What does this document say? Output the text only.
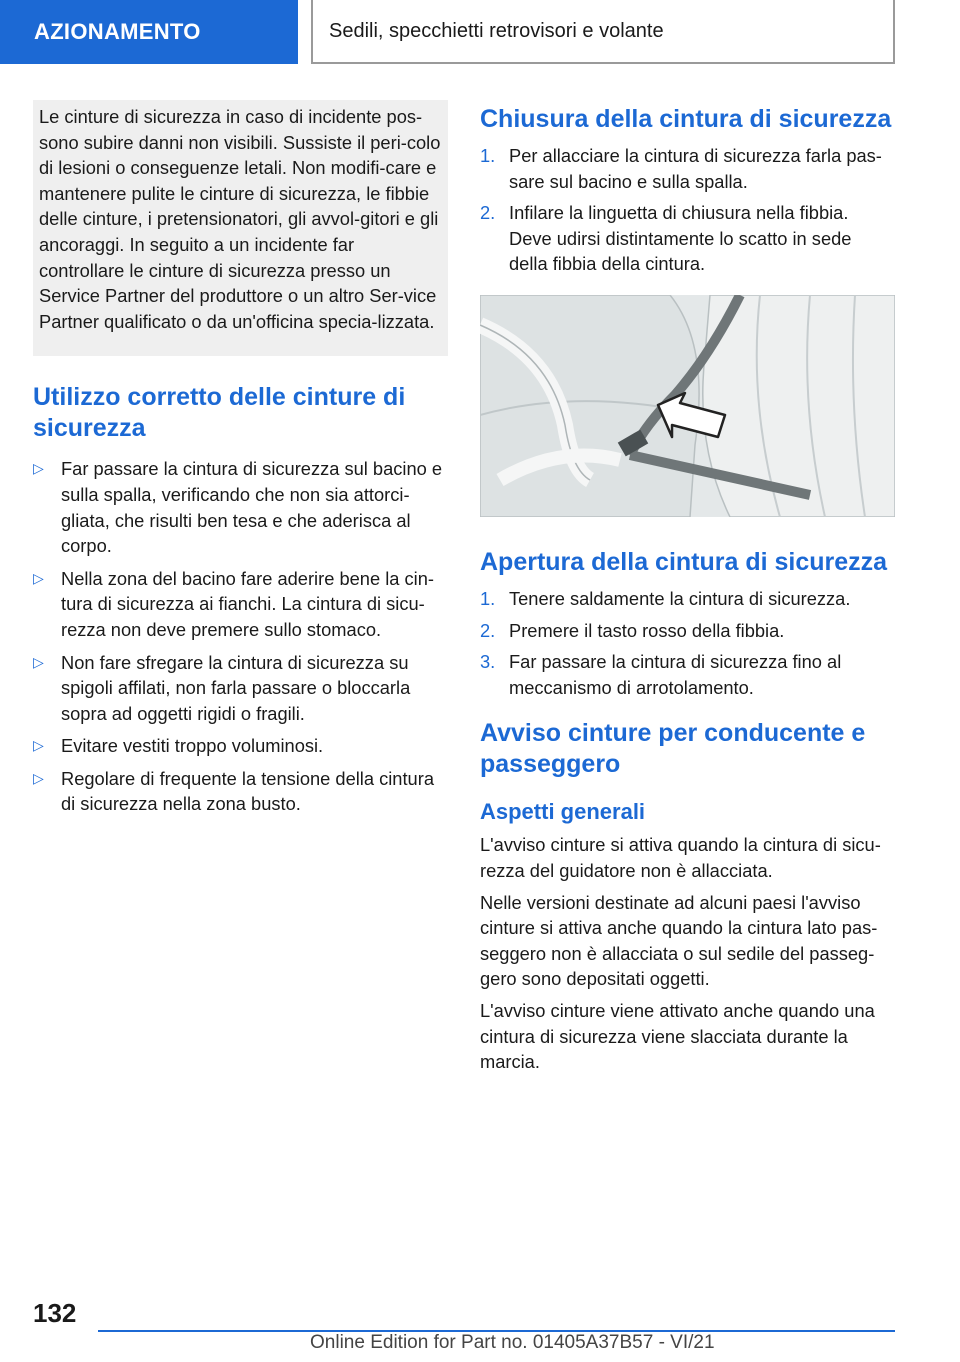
AZIONAMENTO	Sedili, specchietti retrovisori e volante
Le cinture di sicurezza in caso di incidente pos-sono subire danni non visibili. Sussiste il peri-colo di lesioni o conseguenze letali. Non modifi-care e mantenere pulite le cinture di sicurezza, le fibbie delle cinture, i pretensionatori, gli avvol-gitori e gli ancoraggi. In seguito a un incidente far controllare le cinture di sicurezza presso un Service Partner del produttore o un altro Ser-vice Partner qualificato o da un'officina specia-lizzata.
Utilizzo corretto delle cinture di sicurezza
▷ Far passare la cintura di sicurezza sul bacino e sulla spalla, verificando che non sia attorci-gliata, che risulti ben tesa e che aderisca al corpo.
▷ Nella zona del bacino fare aderire bene la cin-tura di sicurezza ai fianchi. La cintura di sicu-rezza non deve premere sullo stomaco.
▷ Non fare sfregare la cintura di sicurezza su spigoli affilati, non farla passare o bloccarla sopra ad oggetti rigidi o fragili.
▷ Evitare vestiti troppo voluminosi.
▷ Regolare di frequente la tensione della cintura di sicurezza nella zona busto.
Chiusura della cintura di sicurezza
1. Per allacciare la cintura di sicurezza farla pas-sare sul bacino e sulla spalla.
2. Infilare la linguetta di chiusura nella fibbia. Deve udirsi distintamente lo scatto in sede della fibbia della cintura.
Apertura della cintura di sicurezza
1. Tenere saldamente la cintura di sicurezza.
2. Premere il tasto rosso della fibbia.
3. Far passare la cintura di sicurezza fino al meccanismo di arrotolamento.
Avviso cinture per conducente e passeggero
Aspetti generali

L'avviso cinture si attiva quando la cintura di sicu-rezza del guidatore non è allacciata.

Nelle versioni destinate ad alcuni paesi l'avviso cinture si attiva anche quando la cintura lato pas-seggero non è allacciata o sul sedile del passeg-gero sono depositati oggetti.

L'avviso cinture viene attivato anche quando una cintura di sicurezza viene slacciata durante la marcia.

132
Online Edition for Part no. 01405A37B57 - VI/21
